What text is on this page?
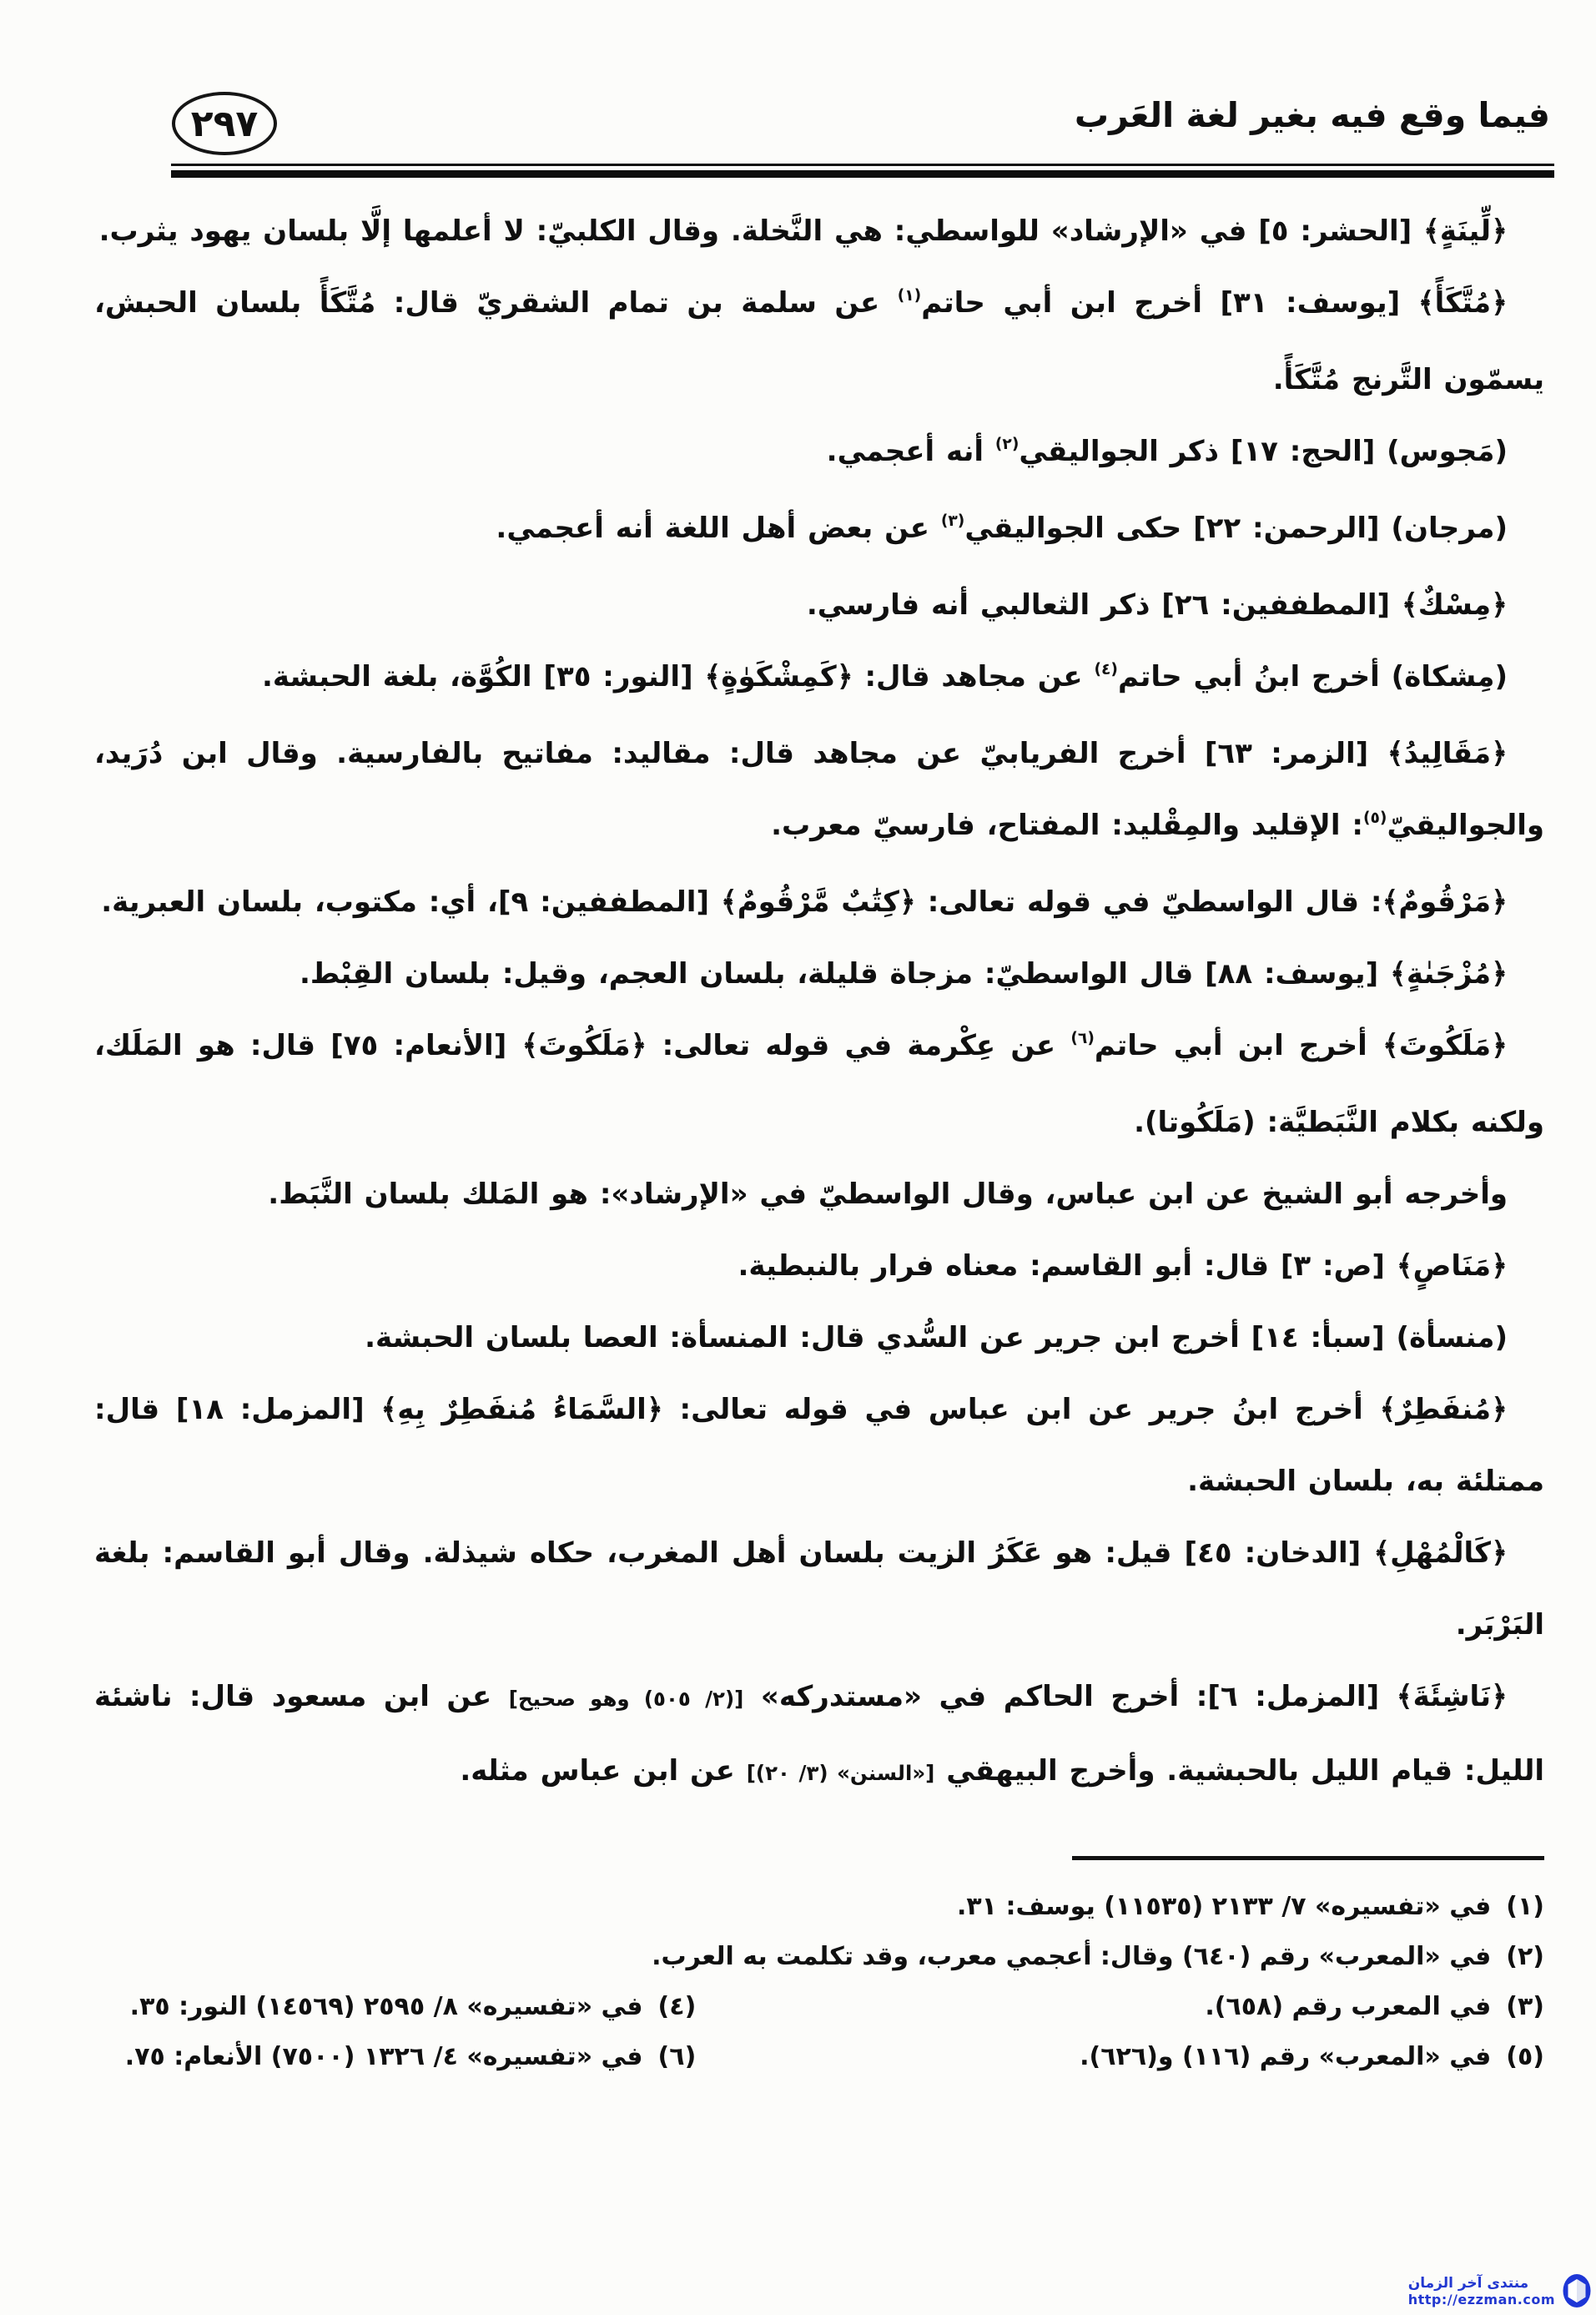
٢٩٧	فيما وقع فيه بغير لغة العَرب

﴿لِّينَةٍ﴾ [الحشر: ٥] في «الإرشاد» للواسطي: هي النَّخلة. وقال الكلبيّ: لا أعلمها إلَّا بلسان يهود يثرب.

﴿مُتَّكَأً﴾ [يوسف: ٣١] أخرج ابن أبي حاتم$^{(١)}$ عن سلمة بن تمام الشقريّ قال: مُتَّكَأً بلسان الحبش، يسمّون التَّرنج مُتَّكَأً.

(مَجوس) [الحج: ١٧] ذكر الجواليقي$^{(٢)}$ أنه أعجمي.

(مرجان) [الرحمن: ٢٢] حكى الجواليقي$^{(٣)}$ عن بعض أهل اللغة أنه أعجمي.

﴿مِسْكٌ﴾ [المطففين: ٢٦] ذكر الثعالبي أنه فارسي.

(مِشكاة) أخرج ابنُ أبي حاتم$^{(٤)}$ عن مجاهد قال: ﴿كَمِشْكَوٰةٍ﴾ [النور: ٣٥] الكُوَّة، بلغة الحبشة.

﴿مَقَالِيدُ﴾ [الزمر: ٦٣] أخرج الفريابيّ عن مجاهد قال: مقاليد: مفاتيح بالفارسية. وقال ابن دُرَيد، والجواليقيّ$^{(٥)}$: الإقليد والمِقْليد: المفتاح، فارسيّ معرب.

﴿مَرْقُومٌ﴾: قال الواسطيّ في قوله تعالى: ﴿كِتَٰبٌ مَّرْقُومٌ﴾ [المطففين: ٩]، أي: مكتوب، بلسان العبرية.

﴿مُزْجَىٰةٍ﴾ [يوسف: ٨٨] قال الواسطيّ: مزجاة قليلة، بلسان العجم، وقيل: بلسان القِبْط.

﴿مَلَكُوتَ﴾ أخرج ابن أبي حاتم$^{(٦)}$ عن عِكْرمة في قوله تعالى: ﴿مَلَكُوتَ﴾ [الأنعام: ٧٥] قال: هو المَلَك، ولكنه بكلام النَّبَطيَّة: (مَلَكُوتا).

وأخرجه أبو الشيخ عن ابن عباس، وقال الواسطيّ في «الإرشاد»: هو المَلك بلسان النَّبَط.

﴿مَنَاصٍ﴾ [ص: ٣] قال: أبو القاسم: معناه فرار بالنبطية.

(منسأة) [سبأ: ١٤] أخرج ابن جرير عن السُّدي قال: المنسأة: العصا بلسان الحبشة.

﴿مُنفَطِرٌ﴾ أخرج ابنُ جرير عن ابن عباس في قوله تعالى: ﴿السَّمَاءُ مُنفَطِرٌ بِهِ﴾ [المزمل: ١٨] قال: ممتلئة به، بلسان الحبشة.

﴿كَالْمُهْلِ﴾ [الدخان: ٤٥] قيل: هو عَكَرُ الزيت بلسان أهل المغرب، حكاه شيذلة. وقال أبو القاسم: بلغة البَرْبَر.

﴿نَاشِئَةَ﴾ [المزمل: ٦]: أخرج الحاكم في «مستدركه» [(٢/ ٥٠٥) وهو صحيح] عن ابن مسعود قال: ناشئة الليل: قيام الليل بالحبشية. وأخرج البيهقي [«السنن» (٣/ ٢٠)] عن ابن عباس مثله.

(١)في «تفسيره» ٧/ ٢١٣٣ (١١٥٣٥) يوسف: ٣١.
(٢)في «المعرب» رقم (٦٤٠) وقال: أعجمي معرب، وقد تكلمت به العرب.
(٣)في المعرب رقم (٦٥٨).
(٤)في «تفسيره» ٨/ ٢٥٩٥ (١٤٥٦٩) النور: ٣٥.
(٥)في «المعرب» رقم (١١٦) و(٦٢٦).
(٦)في «تفسيره» ٤/ ١٣٢٦ (٧٥٠٠) الأنعام: ٧٥.
منتدى آخر الزمان
http://ezzman.com
